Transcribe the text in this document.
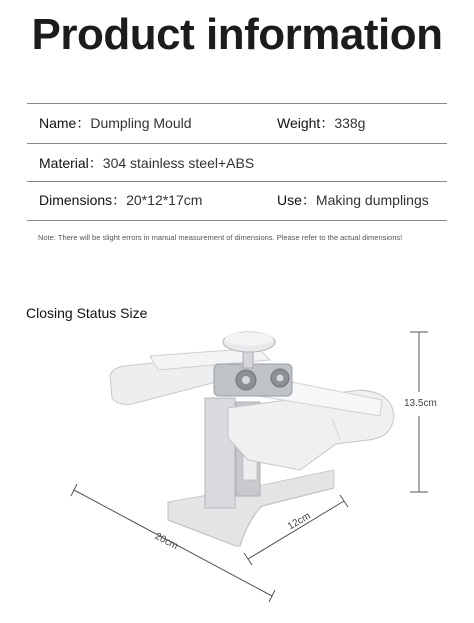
Product information
Name：Dumpling Mould	Weight：338g
Material：304 stainless steel+ABS
Dimensions：20*12*17cm	Use：Making dumplings
Note: There will be slight errors in manual measurement of dimensions. Please refer to the actual dimensions!
Closing Status Size
13.5cm
12cm
20cm
